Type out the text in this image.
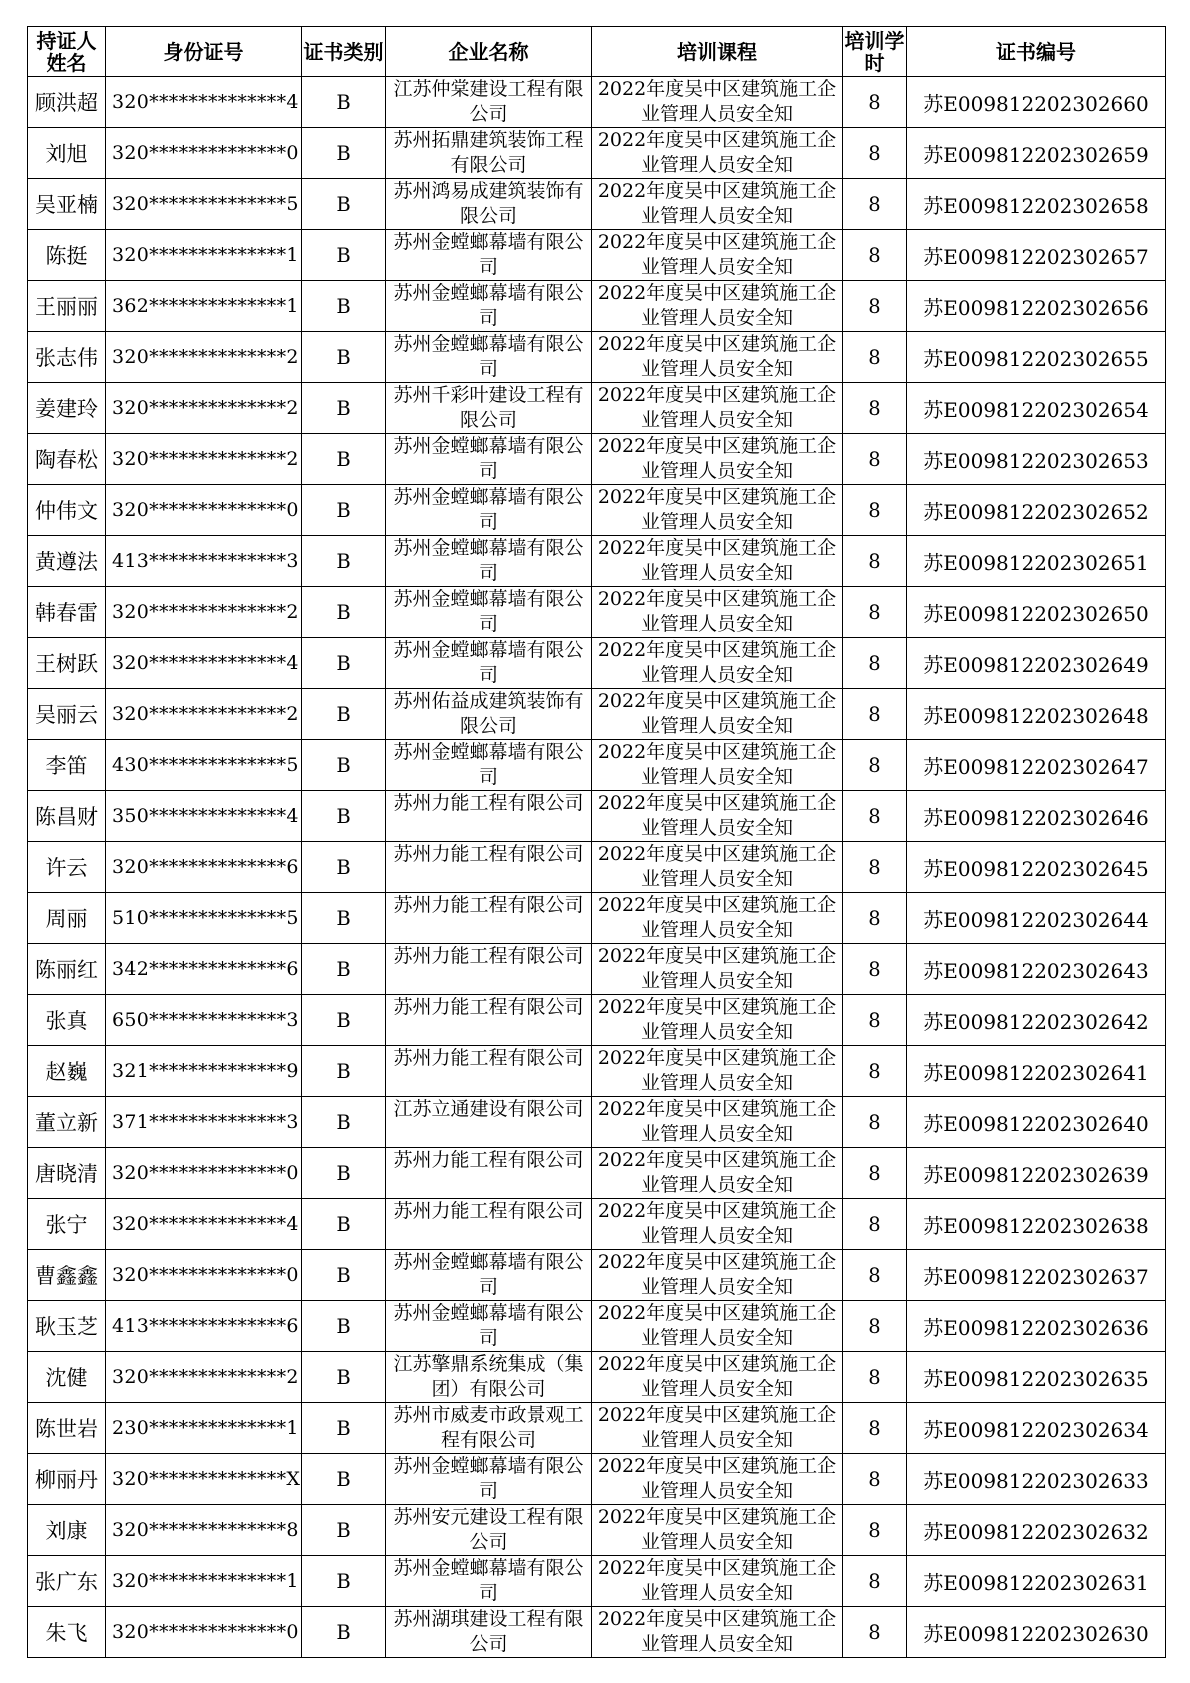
持证人姓名	身份证号	证书类别	企业名称	培训课程	培训学时	证书编号
顾洪超	320**************4	B	江苏仲棠建设工程有限公司	2022年度吴中区建筑施工企业管理人员安全知	8	苏E009812202302660
刘旭	320**************0	B	苏州拓鼎建筑装饰工程有限公司	2022年度吴中区建筑施工企业管理人员安全知	8	苏E009812202302659
吴亚楠	320**************5	B	苏州鸿易成建筑装饰有限公司	2022年度吴中区建筑施工企业管理人员安全知	8	苏E009812202302658
陈挺	320**************1	B	苏州金螳螂幕墙有限公司	2022年度吴中区建筑施工企业管理人员安全知	8	苏E009812202302657
王丽丽	362**************1	B	苏州金螳螂幕墙有限公司	2022年度吴中区建筑施工企业管理人员安全知	8	苏E009812202302656
张志伟	320**************2	B	苏州金螳螂幕墙有限公司	2022年度吴中区建筑施工企业管理人员安全知	8	苏E009812202302655
姜建玲	320**************2	B	苏州千彩叶建设工程有限公司	2022年度吴中区建筑施工企业管理人员安全知	8	苏E009812202302654
陶春松	320**************2	B	苏州金螳螂幕墙有限公司	2022年度吴中区建筑施工企业管理人员安全知	8	苏E009812202302653
仲伟文	320**************0	B	苏州金螳螂幕墙有限公司	2022年度吴中区建筑施工企业管理人员安全知	8	苏E009812202302652
黄遵法	413**************3	B	苏州金螳螂幕墙有限公司	2022年度吴中区建筑施工企业管理人员安全知	8	苏E009812202302651
韩春雷	320**************2	B	苏州金螳螂幕墙有限公司	2022年度吴中区建筑施工企业管理人员安全知	8	苏E009812202302650
王树跃	320**************4	B	苏州金螳螂幕墙有限公司	2022年度吴中区建筑施工企业管理人员安全知	8	苏E009812202302649
吴丽云	320**************2	B	苏州佑益成建筑装饰有限公司	2022年度吴中区建筑施工企业管理人员安全知	8	苏E009812202302648
李笛	430**************5	B	苏州金螳螂幕墙有限公司	2022年度吴中区建筑施工企业管理人员安全知	8	苏E009812202302647
陈昌财	350**************4	B	苏州力能工程有限公司	2022年度吴中区建筑施工企业管理人员安全知	8	苏E009812202302646
许云	320**************6	B	苏州力能工程有限公司	2022年度吴中区建筑施工企业管理人员安全知	8	苏E009812202302645
周丽	510**************5	B	苏州力能工程有限公司	2022年度吴中区建筑施工企业管理人员安全知	8	苏E009812202302644
陈丽红	342**************6	B	苏州力能工程有限公司	2022年度吴中区建筑施工企业管理人员安全知	8	苏E009812202302643
张真	650**************3	B	苏州力能工程有限公司	2022年度吴中区建筑施工企业管理人员安全知	8	苏E009812202302642
赵巍	321**************9	B	苏州力能工程有限公司	2022年度吴中区建筑施工企业管理人员安全知	8	苏E009812202302641
董立新	371**************3	B	江苏立通建设有限公司	2022年度吴中区建筑施工企业管理人员安全知	8	苏E009812202302640
唐晓清	320**************0	B	苏州力能工程有限公司	2022年度吴中区建筑施工企业管理人员安全知	8	苏E009812202302639
张宁	320**************4	B	苏州力能工程有限公司	2022年度吴中区建筑施工企业管理人员安全知	8	苏E009812202302638
曹鑫鑫	320**************0	B	苏州金螳螂幕墙有限公司	2022年度吴中区建筑施工企业管理人员安全知	8	苏E009812202302637
耿玉芝	413**************6	B	苏州金螳螂幕墙有限公司	2022年度吴中区建筑施工企业管理人员安全知	8	苏E009812202302636
沈健	320**************2	B	江苏擎鼎系统集成（集团）有限公司	2022年度吴中区建筑施工企业管理人员安全知	8	苏E009812202302635
陈世岩	230**************1	B	苏州市威麦市政景观工程有限公司	2022年度吴中区建筑施工企业管理人员安全知	8	苏E009812202302634
柳丽丹	320**************X	B	苏州金螳螂幕墙有限公司	2022年度吴中区建筑施工企业管理人员安全知	8	苏E009812202302633
刘康	320**************8	B	苏州安元建设工程有限公司	2022年度吴中区建筑施工企业管理人员安全知	8	苏E009812202302632
张广东	320**************1	B	苏州金螳螂幕墙有限公司	2022年度吴中区建筑施工企业管理人员安全知	8	苏E009812202302631
朱飞	320**************0	B	苏州湖琪建设工程有限公司	2022年度吴中区建筑施工企业管理人员安全知	8	苏E009812202302630
